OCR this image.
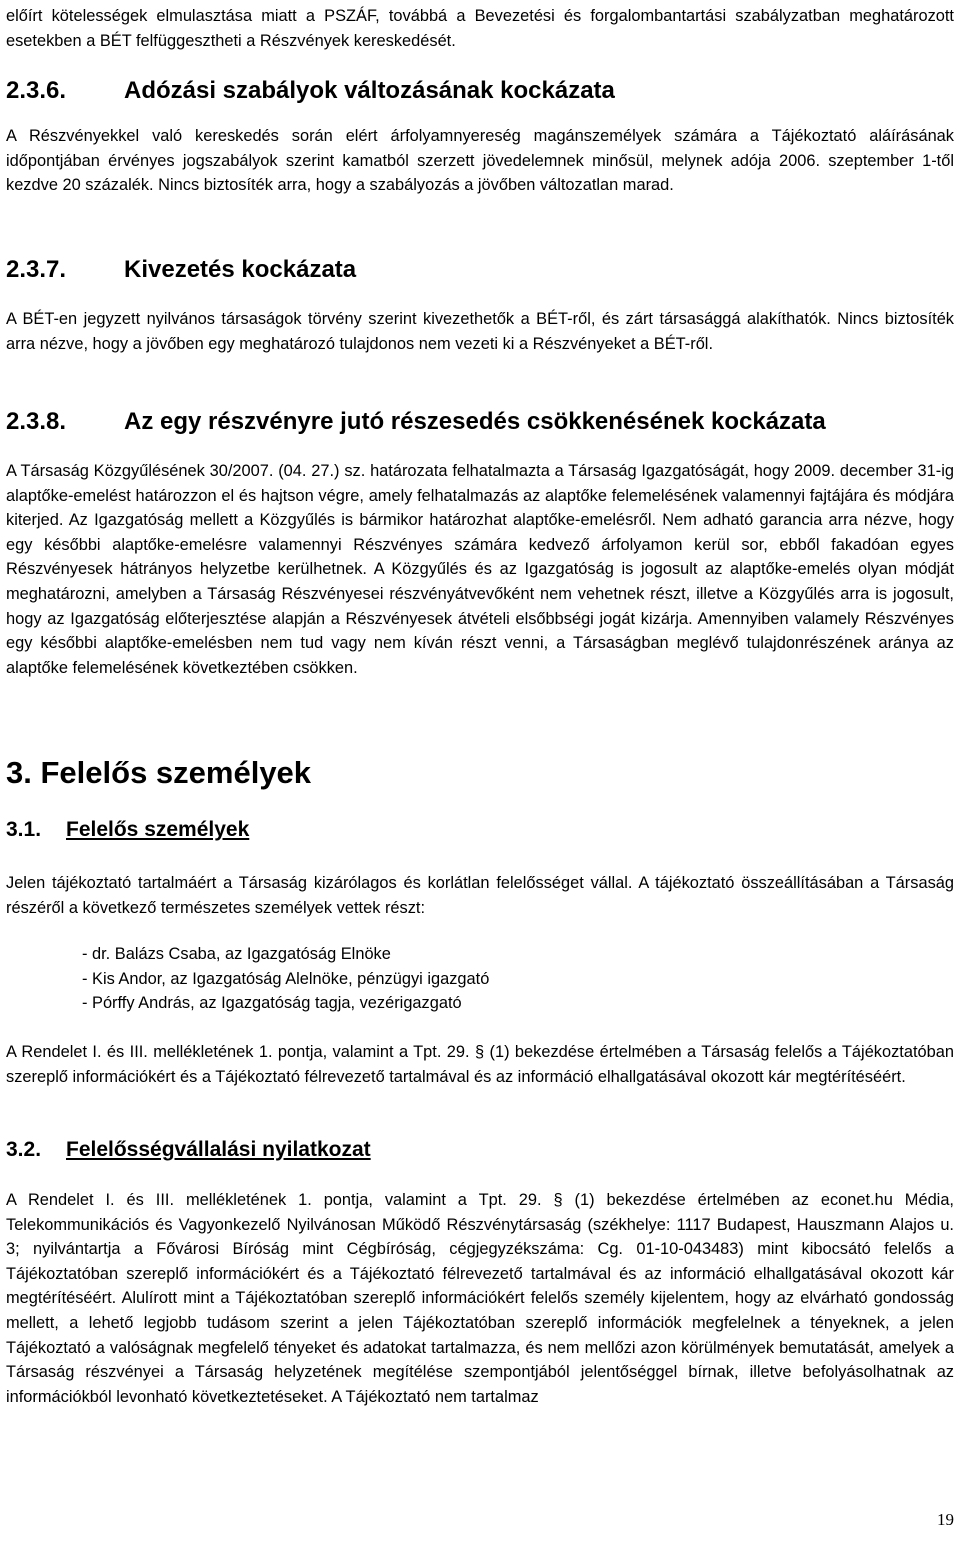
előírt kötelességek elmulasztása miatt a PSZÁF, továbbá a Bevezetési és forgalombantartási szabályzatban meghatározott esetekben a BÉT felfüggesztheti a Részvények kereskedését.

2.3.6. Adózási szabályok változásának kockázata

A Részvényekkel való kereskedés során elért árfolyamnyereség magánszemélyek számára a Tájékoztató aláírásának időpontjában érvényes jogszabályok szerint kamatból szerzett jövedelemnek minősül, melynek adója 2006. szeptember 1-től kezdve 20 százalék. Nincs biztosíték arra, hogy a szabályozás a jövőben változatlan marad.

2.3.7. Kivezetés kockázata

A BÉT-en jegyzett nyilvános társaságok törvény szerint kivezethetők a BÉT-ről, és zárt társasággá alakíthatók. Nincs biztosíték arra nézve, hogy a jövőben egy meghatározó tulajdonos nem vezeti ki a Részvényeket a BÉT-ről.

2.3.8. Az egy részvényre jutó részesedés csökkenésének kockázata

A Társaság Közgyűlésének 30/2007. (04. 27.) sz. határozata felhatalmazta a Társaság Igazgatóságát, hogy 2009. december 31-ig alaptőke-emelést határozzon el és hajtson végre, amely felhatalmazás az alaptőke felemelésének valamennyi fajtájára és módjára kiterjed. Az Igazgatóság mellett a Közgyűlés is bármikor határozhat alaptőke-emelésről. Nem adható garancia arra nézve, hogy egy későbbi alaptőke-emelésre valamennyi Részvényes számára kedvező árfolyamon kerül sor, ebből fakadóan egyes Részvényesek hátrányos helyzetbe kerülhetnek. A Közgyűlés és az Igazgatóság is jogosult az alaptőke-emelés olyan módját meghatározni, amelyben a Társaság Részvényesei részvényátvevőként nem vehetnek részt, illetve a Közgyűlés arra is jogosult, hogy az Igazgatóság előterjesztése alapján a Részvényesek átvételi elsőbbségi jogát kizárja. Amennyiben valamely Részvényes egy későbbi alaptőke-emelésben nem tud vagy nem kíván részt venni, a Társaságban meglévő tulajdonrészének aránya az alaptőke felemelésének következtében csökken.

3. Felelős személyek
3.1. Felelős személyek

Jelen tájékoztató tartalmáért a Társaság kizárólagos és korlátlan felelősséget vállal. A tájékoztató összeállításában a Társaság részéről a következő természetes személyek vettek részt:

- dr. Balázs Csaba, az Igazgatóság Elnöke
- Kis Andor, az Igazgatóság Alelnöke, pénzügyi igazgató
- Pórffy András, az Igazgatóság tagja, vezérigazgató

A Rendelet I. és III. mellékletének 1. pontja, valamint a Tpt. 29. § (1) bekezdése értelmében a Társaság felelős a Tájékoztatóban szereplő információkért és a Tájékoztató félrevezető tartalmával és az információ elhallgatásával okozott kár megtérítéséért.

3.2. Felelősségvállalási nyilatkozat

A Rendelet I. és III. mellékletének 1. pontja, valamint a Tpt. 29. § (1) bekezdése értelmében az econet.hu Média, Telekommunikációs és Vagyonkezelő Nyilvánosan Működő Részvénytársaság (székhelye: 1117 Budapest, Hauszmann Alajos u. 3; nyilvántartja a Fővárosi Bíróság mint Cégbíróság, cégjegyzékszáma: Cg. 01-10-043483) mint kibocsátó felelős a Tájékoztatóban szereplő információkért és a Tájékoztató félrevezető tartalmával és az információ elhallgatásával okozott kár megtérítéséért. Alulírott mint a Tájékoztatóban szereplő információkért felelős személy kijelentem, hogy az elvárható gondosság mellett, a lehető legjobb tudásom szerint a jelen Tájékoztatóban szereplő információk megfelelnek a tényeknek, a jelen Tájékoztató a valóságnak megfelelő tényeket és adatokat tartalmazza, és nem mellőzi azon körülmények bemutatását, amelyek a Társaság részvényei a Társaság helyzetének megítélése szempontjából jelentőséggel bírnak, illetve befolyásolhatnak az információkból levonható következtetéseket. A Tájékoztató nem tartalmaz

19
